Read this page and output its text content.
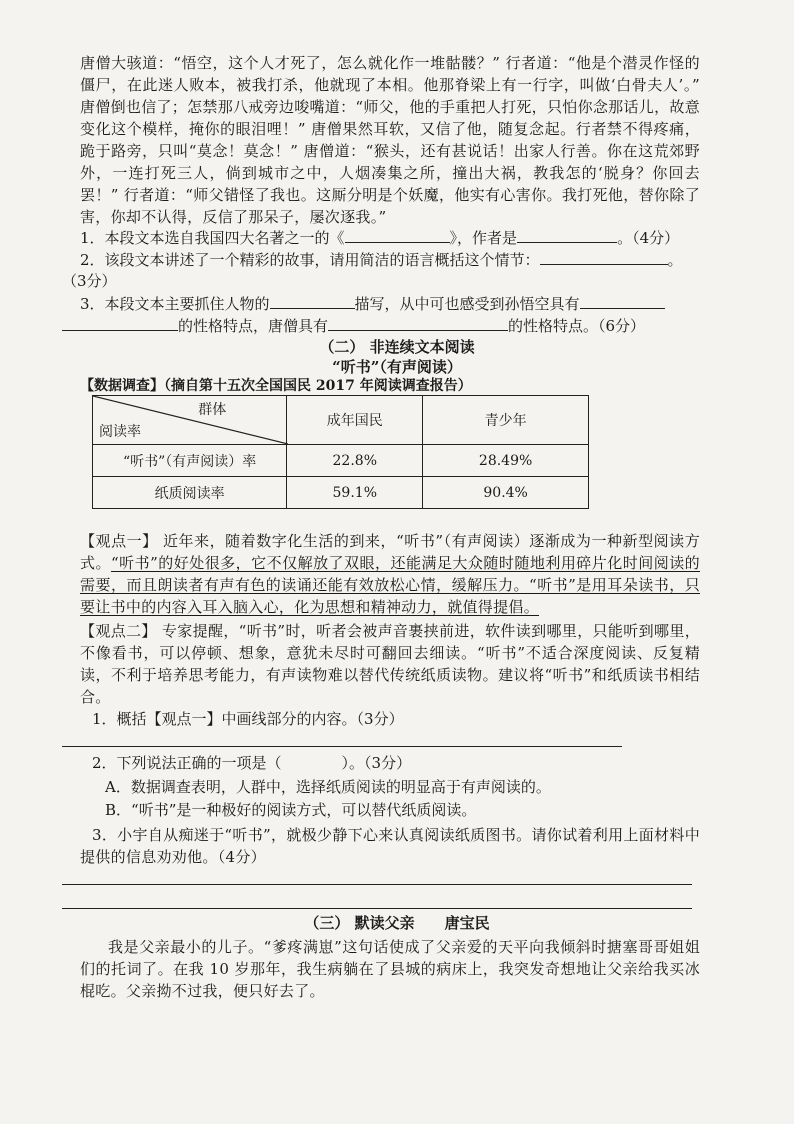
唐僧大骇道：“悟空，这个人才死了，怎么就化作一堆骷髅？” 行者道：“他是个潜灵作怪的僵尸，在此迷人败本，被我打杀，他就现了本相。他那脊梁上有一行字，叫做‘白骨夫人’。” 唐僧倒也信了；怎禁那八戒旁边唆嘴道：“师父，他的手重把人打死，只怕你念那话儿，故意变化这个模样，掩你的眼泪哩！” 唐僧果然耳软，又信了他，随复念起。行者禁不得疼痛，跪于路旁，只叫“莫念！莫念！” 唐僧道：“猴头，还有甚说话！出家人行善。你在这荒郊野外，一连打死三人，倘到城市之中，人烟凑集之所，撞出大祸，教我怎的‘脱身？你回去罢！” 行者道：“师父错怪了我也。这厮分明是个妖魔，他实有心害你。我打死他，替你除了害，你却不认得，反信了那呆子，屡次逐我。”

1．本段文本选自我国四大名著之一的《	》，作者是	。（4分）
2．该段文本讲述了一个精彩的故事，请用简洁的语言概括这个情节：	。
（3分）
3．本段文本主要抓住人物的	描写，从中可也感受到孙悟空具有
的性格特点，唐僧具有	的性格特点。（6分）
（二） 非连续文本阅读
“听书”（有声阅读）
【数据调查】（摘自第十五次全国国民 2017 年阅读调查报告）
群体
阅读率	成年国民	青少年
“听书”（有声阅读）率	22.8%	28.49%
纸质阅读率	59.1%	90.4%

【观点一】 近年来，随着数字化生活的到来，“听书”（有声阅读）逐渐成为一种新型阅读方式。“听书”的好处很多，它不仅解放了双眼，还能满足大众随时随地利用碎片化时间阅读的需要，而且朗读者有声有色的读诵还能有效放松心情，缓解压力。“听书”是用耳朵读书，只要让书中的内容入耳入脑入心，化为思想和精神动力，就值得提倡。

【观点二】 专家提醒，“听书”时，听者会被声音裹挟前进，软件读到哪里，只能听到哪里，不像看书，可以停顿、想象，意犹未尽时可翻回去细读。“听书”不适合深度阅读、反复精读，不利于培养思考能力，有声读物难以替代传统纸质读物。建议将“听书”和纸质读书相结合。

1．概括【观点一】中画线部分的内容。（3分）
2．下列说法正确的一项是（　　　　）。（3分）
A．数据调查表明，人群中，选择纸质阅读的明显高于有声阅读的。
B．“听书”是一种极好的阅读方式，可以替代纸质阅读。

3．小宇自从痴迷于“听书”，就极少静下心来认真阅读纸质图书。请你试着利用上面材料中提供的信息劝劝他。（4分）

（三） 默读父亲　　唐宝民

我是父亲最小的儿子。“爹疼满崽”这句话使成了父亲爱的天平向我倾斜时搪塞哥哥姐姐们的托词了。在我 10 岁那年，我生病躺在了县城的病床上，我突发奇想地让父亲给我买冰棍吃。父亲拗不过我，便只好去了。
